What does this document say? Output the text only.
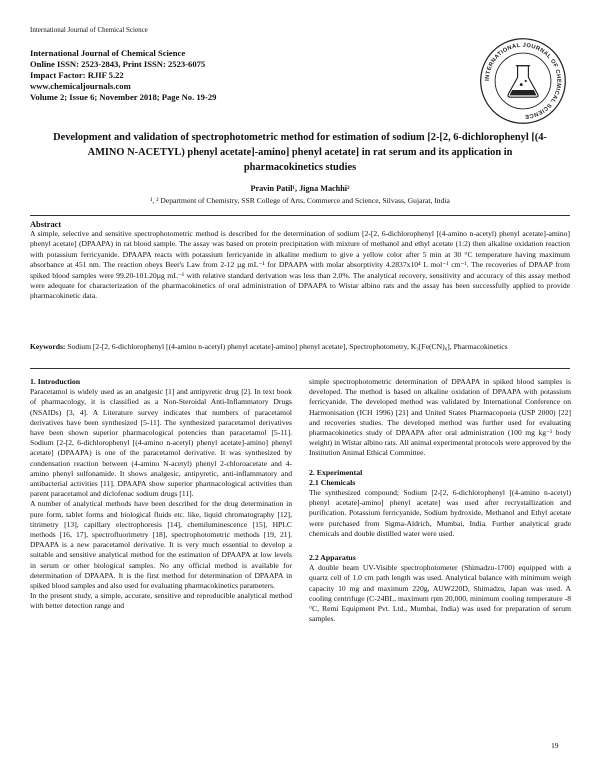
International Journal of Chemical Science
International Journal of Chemical Science
Online ISSN: 2523-2843, Print ISSN: 2523-6075
Impact Factor: RJIF 5.22
www.chemicaljournals.com
Volume 2; Issue 6; November 2018; Page No. 19-29
INTERNATIONAL JOURNAL OF CHEMICAL SCIENCE
Development and validation of spectrophotometric method for estimation of sodium [2-[2, 6-dichlorophenyl [(4-AMINO N-ACETYL) phenyl acetate]-amino] phenyl acetate] in rat serum and its application in pharmacokinetics studies
Pravin Patil¹, Jigna Machhi²
¹, ² Department of Chemistry, SSR College of Arts, Commerce and Science, Silvass, Gujarat, India
Abstract
A simple, selective and sensitive spectrophotometric method is described for the determination of sodium [2-[2, 6-dichlorophenyl [(4-amino n-acetyl) phenyl acetate]-amino] phenyl acetate] (DPAAPA) in rat blood sample. The assay was based on protein precipitation with mixture of methanol and ethyl acetate (1:2) then alkaline oxidation reaction with potassium ferricyanide. DPAAPA reacts with potassium ferricyanide in alkaline medium to give a yellow color after 5 min at 30 °C temperature having maximum absorbance at 451 nm. The reaction obeys Beer's Law from 2-12 µg mL⁻¹ for DPAAPA with molar absorptivity 4.2837x10⁴ L mol⁻¹ cm⁻¹. The recoveries of DPAAP from spiked blood samples were 99.20-101.20µg mL⁻¹ with relative standard derivation was less than 2.0%. The analytical recovery, sensitivity and accuracy of this assay method were adequate for characterization of the pharmacokinetics of oral administration of DPAAPA to Wistar albino rats and the assay has been successfully applied to provide pharmacokinetic data.
Keywords: Sodium [2-[2, 6-dichlorophenyl [(4-amino n-acetyl) phenyl acetate]-amino] phenyl acetate], Spectrophotometry, K₃[Fe(CN)₆], Pharmacokinetics

1. Introduction

Paracetamol is widely used as an analgesic [1] and antipyretic drug [2]. In text book of pharmacology, it is classified as a Non-Steroidal Anti-Inflammatory Drugs (NSAIDs) [3, 4]. A Literature survey indicates that numbers of paracetamol derivatives have been synthesized [5-11]. The synthesized paracetamol derivatives have been shown superior pharmacological potencies than paracetamol [5-11]. Sodium [2-[2, 6-dichlorophenyl [(4-amino n-acetyl) phenyl acetate]-amino] phenyl acetate] (DPAAPA) is one of the paracetamol derivative. It was synthesized by condensation reaction between (4-amino N-acetyl) phenyl 2-chloroacetate and 4-amino phenyl sulfonamide. It shows analgesic, antipyretic, anti-inflammatory and antibacterial activities [11]. DPAAPA show superior pharmacological activities than parent paracetamol and diclofenac sodium drugs [11].

A number of analytical methods have been described for the drug determination in pure form, tablet forms and biological fluids etc. like, liquid chromatography [12], titrimetry [13], capillary electrophoresis [14], chemiluminescence [15], HPLC methods [16, 17], spectrofluorimetry [18], spectrophotometric methods [19, 21]. DPAAPA is a new paracetamol derivative. It is very much essential to develop a suitable and sensitive analytical method for the estimation of DPAAPA at low levels in serum or other biological samples. No any official method is available for determination of DPAAPA. It is the first method for determination of DPAAPA in spiked blood samples and also used for evaluating pharmacokinetics parameters.

In the present study, a simple, accurate, sensitive and reproducible analytical method with better detection range and

simple spectrophotometric determination of DPAAPA in spiked blood samples is developed. The method is based on alkaline oxidation of DPAAPA with potassium ferricyanide. The developed method was validated by International Conference on Harmonisation (ICH 1996) [21] and United States Pharmacopoeia (USP 2000) [22] and recoveries studies. The developed method was further used for evaluating pharmacokinetics study of DPAAPA after oral administration (100 mg kg⁻¹ body weight) in Wistar albino rats. All animal experimental protocols were approved by the Institution Animal Ethical Committee.

2. Experimental

2.1 Chemicals

The synthesized compound; Sodium [2-[2, 6-dichlorophenyl [(4-amino n-acetyl) phenyl acetate]-amino] phenyl acetate] was used after recrystallization and purification. Potassium ferricyanide, Sodium hydroxide, Methanol and Ethyl acetate were purchased from Sigma-Aldrich, Mumbai, India. Further analytical grade chemicals and double distilled water were used.

2.2 Apparatus

A double beam UV-Visible spectrophotometer (Shimadzu-1700) equipped with a quartz cell of 1.0 cm path length was used. Analytical balance with minimum weigh capacity 10 mg and maximum 220g, AUW220D, Shimadzu, Japan was used. A cooling centrifuge (C-24BL, maximum rpm 20,000, minimum cooling temperature -8 °C, Remi Equipment Pvt. Ltd., Mumbai, India) was used for preparation of serum samples.

19
